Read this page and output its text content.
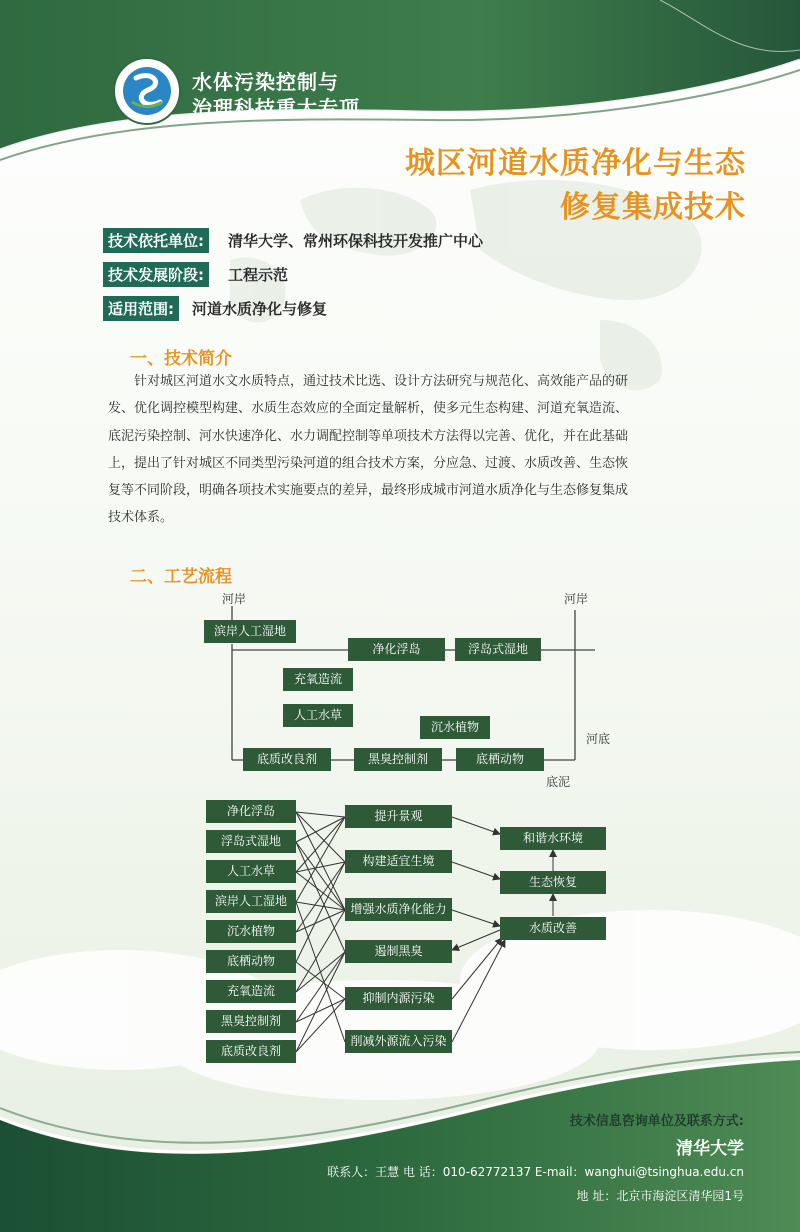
水体污染控制与
治理科技重大专项
城区河道水质净化与生态
修复集成技术
技术依托单位:	清华大学、常州环保科技开发推广中心
技术发展阶段:	工程示范
适用范围:	河道水质净化与修复
一、技术简介
针对城区河道水文水质特点，通过技术比选、设计方法研究与规范化、高效能产品的研
发、优化调控模型构建、水质生态效应的全面定量解析，使多元生态构建、河道充氧造流、
底泥污染控制、河水快速净化、水力调配控制等单项技术方法得以完善、优化，并在此基础
上，提出了针对城区不同类型污染河道的组合技术方案，分应急、过渡、水质改善、生态恢
复等不同阶段，明确各项技术实施要点的差异，最终形成城市河道水质净化与生态修复集成
技术体系。
二、工艺流程
河岸	河岸
河底
底泥
滨岸人工湿地
净化浮岛	浮岛式湿地
充氧造流
人工水草
沉水植物
底质改良剂	黑臭控制剂	底栖动物
净化浮岛
浮岛式湿地
人工水草
滨岸人工湿地
沉水植物
底栖动物
充氧造流
黑臭控制剂
底质改良剂
提升景观
构建适宜生境
增强水质净化能力
遏制黑臭
抑制内源污染
削减外源流入污染
和谐水环境
生态恢复
水质改善
技术信息咨询单位及联系方式:
清华大学
联系人：王慧 电 话：010-62772137 E-mail：wanghui@tsinghua.edu.cn
地 址：北京市海淀区清华园1号
